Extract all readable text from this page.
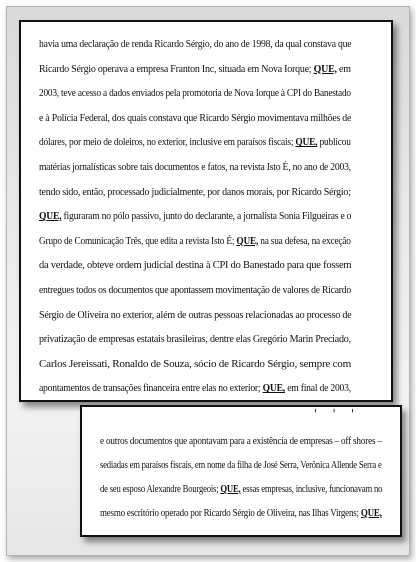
havia uma declaração de renda Ricardo Sérgio, do ano de 1998, da qual constava que
Ricardo Sérgio operava a empresa Franton Inc, situada em Nova Iorque; QUE, em
2003, teve acesso a dados enviados pela promotoria de Nova Iorque à CPI do Banestado
e à Polícia Federal, dos quais constava que Ricardo Sérgio movimentava milhões de
dólares, por meio de doleiros, no exterior, inclusive em paraísos fiscais; QUE, publicou
matérias jornalísticas sobre tais documentos e fatos, na revista Isto É, no ano de 2003,
tendo sido, então, processado judicialmente, por danos morais, por Ricardo Sérgio;
QUE, figuraram no pólo passivo, junto do declarante, a jornalista Sonia Filgueiras e o
Grupo de Comunicação Três, que edita a revista Isto É; QUE, na sua defesa, na exceção
da verdade, obteve ordem judicial destina à CPI do Banestado para que fossem
entregues todos os documentos que apontassem movimentação de valores de Ricardo
Sérgio de Oliveira no exterior, além de outras pessoas relacionadas ao processo de
privatização de empresas estatais brasileiras, dentre elas Gregório Marin Preciado,
Carlos Jereissati, Ronaldo de Souza, sócio de Ricardo Sérgio, sempre com
apontamentos de transações financeira entre elas no exterior; QUE, em final de 2003,
' ' '
e outros documentos que apontavam para a existência de empresas – off shores –
sediadas em paraísos fiscais, em nome da filha de José Serra, Verônica Allende Serra e
de seu esposo Alexandre Bourgeois; QUE, essas empresas, inclusive, funcionavam no
mesmo escritório operado por Ricardo Sérgio de Oliveira, nas Ilhas Virgens; QUE,
